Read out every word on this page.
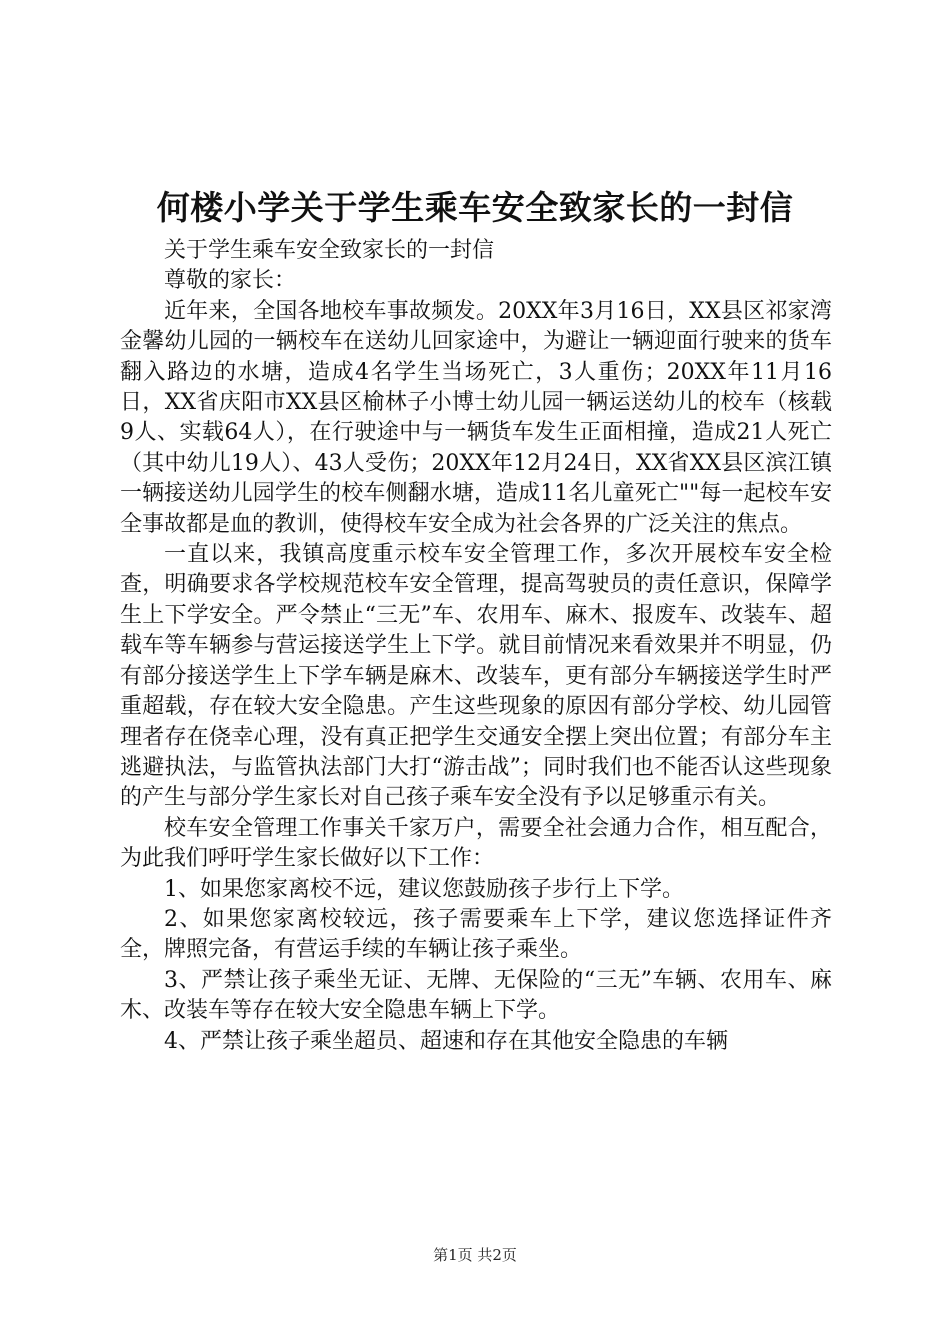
何楼小学关于学生乘车安全致家长的一封信

关于学生乘车安全致家长的一封信

尊敬的家长：

近年来，全国各地校车事故频发。20XX年3月16日，XX县区祁家湾金馨幼儿园的一辆校车在送幼儿回家途中，为避让一辆迎面行驶来的货车翻入路边的水塘，造成4名学生当场死亡，3人重伤；20XX年11月16日，XX省庆阳市XX县区榆林子小博士幼儿园一辆运送幼儿的校车（核载9人、实载64人），在行驶途中与一辆货车发生正面相撞，造成21人死亡（其中幼儿19人）、43人受伤；20XX年12月24日，XX省XX县区滨江镇一辆接送幼儿园学生的校车侧翻水塘，造成11名儿童死亡""每一起校车安全事故都是血的教训，使得校车安全成为社会各界的广泛关注的焦点。

一直以来，我镇高度重示校车安全管理工作，多次开展校车安全检查，明确要求各学校规范校车安全管理，提高驾驶员的责任意识，保障学生上下学安全。严令禁止“三无”车、农用车、麻木、报废车、改装车、超载车等车辆参与营运接送学生上下学。就目前情况来看效果并不明显，仍有部分接送学生上下学车辆是麻木、改装车，更有部分车辆接送学生时严重超载，存在较大安全隐患。产生这些现象的原因有部分学校、幼儿园管理者存在侥幸心理，没有真正把学生交通安全摆上突出位置；有部分车主逃避执法，与监管执法部门大打“游击战”；同时我们也不能否认这些现象的产生与部分学生家长对自己孩子乘车安全没有予以足够重示有关。

校车安全管理工作事关千家万户，需要全社会通力合作，相互配合，为此我们呼吁学生家长做好以下工作：

1、如果您家离校不远，建议您鼓励孩子步行上下学。

2、如果您家离校较远，孩子需要乘车上下学，建议您选择证件齐全，牌照完备，有营运手续的车辆让孩子乘坐。

3、严禁让孩子乘坐无证、无牌、无保险的“三无”车辆、农用车、麻木、改装车等存在较大安全隐患车辆上下学。

4、严禁让孩子乘坐超员、超速和存在其他安全隐患的车辆

第1页 共2页
